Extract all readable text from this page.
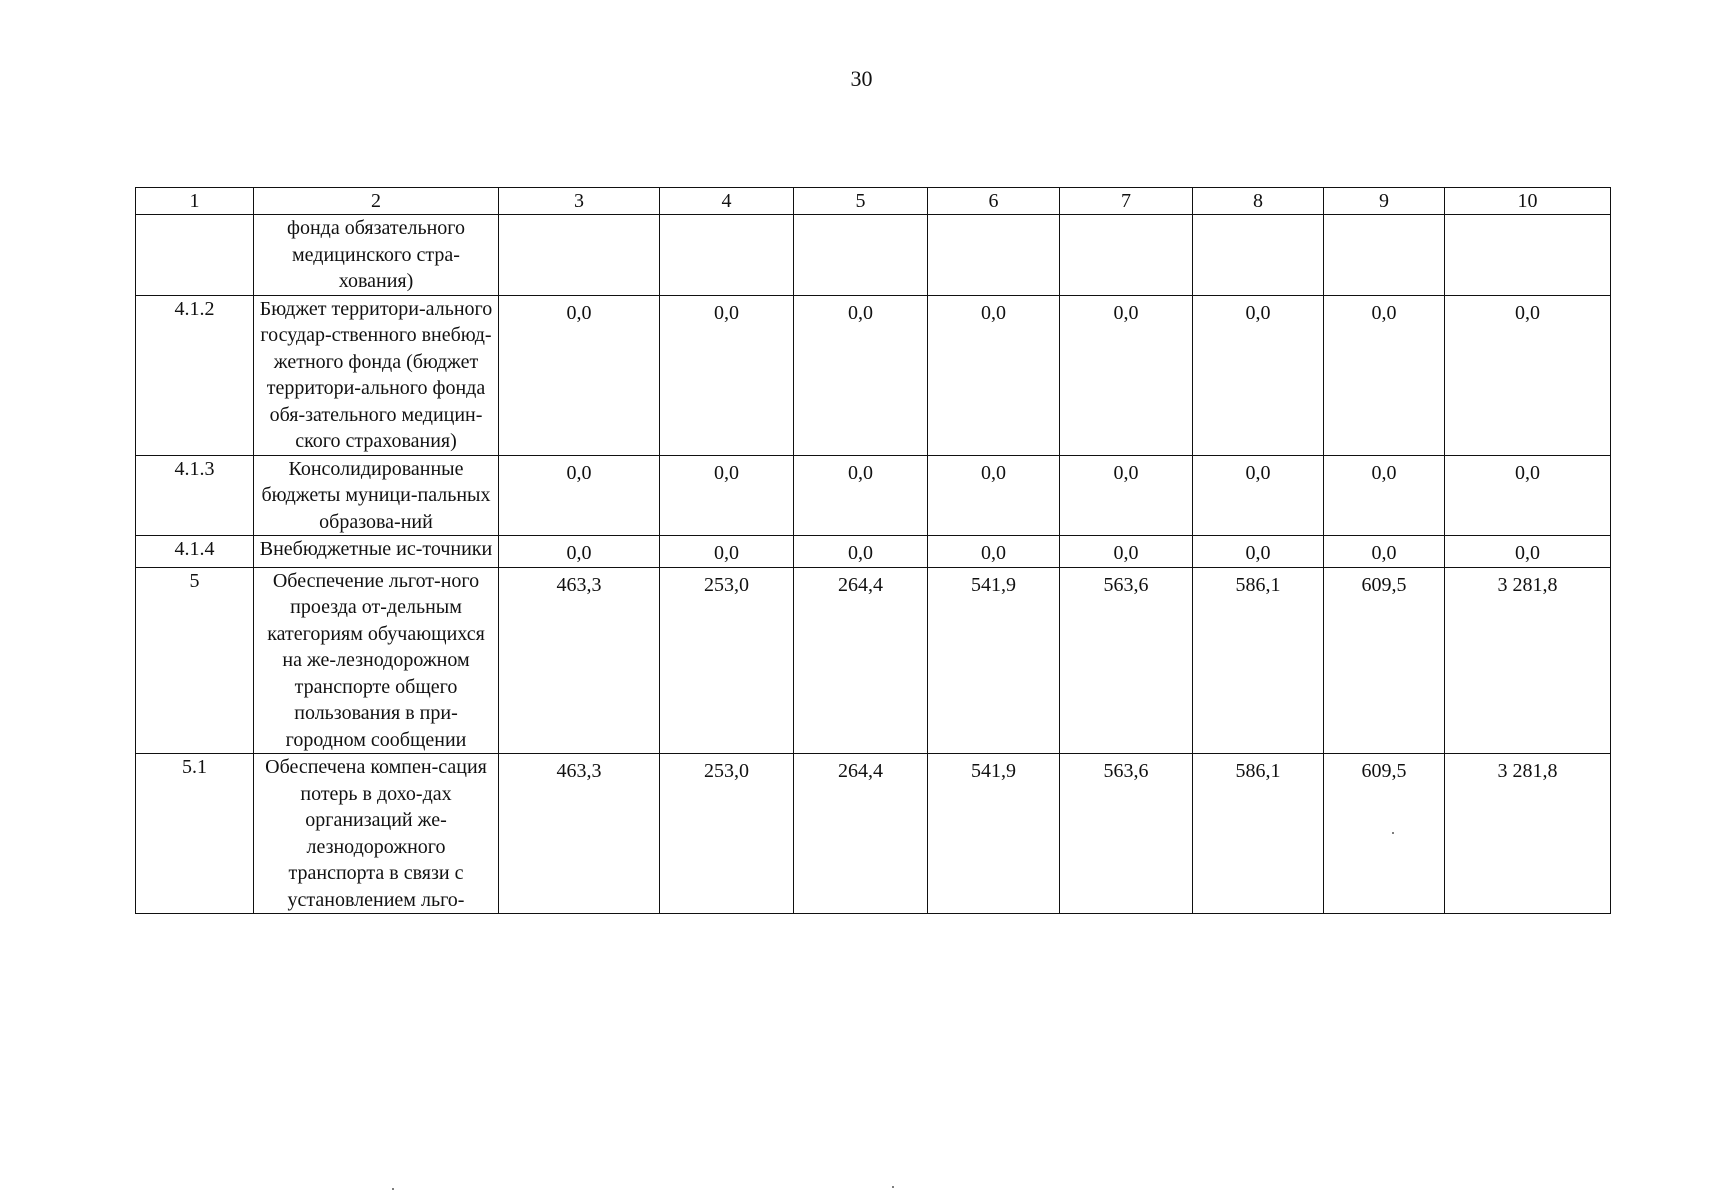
30
1	2	3	4	5	6	7	8	9	10
	фонда обязательного медицинского стра-хования)								
4.1.2	Бюджет территори-ального государ-ственного внебюд-жетного фонда (бюджет территори-ального фонда обя-зательного медицин-ского страхования)	0,0	0,0	0,0	0,0	0,0	0,0	0,0	0,0
4.1.3	Консолидированные бюджеты муници-пальных образова-ний	0,0	0,0	0,0	0,0	0,0	0,0	0,0	0,0
4.1.4	Внебюджетные ис-точники	0,0	0,0	0,0	0,0	0,0	0,0	0,0	0,0
5	Обеспечение льгот-ного проезда от-дельным категориям обучающихся на же-лезнодорожном транспорте общего пользования в при-городном сообщении	463,3	253,0	264,4	541,9	563,6	586,1	609,5	3 281,8
5.1	Обеспечена компен-сация потерь в дохо-дах организаций же-лезнодорожного транспорта в связи с установлением льго-	463,3	253,0	264,4	541,9	563,6	586,1	609,5	3 281,8
